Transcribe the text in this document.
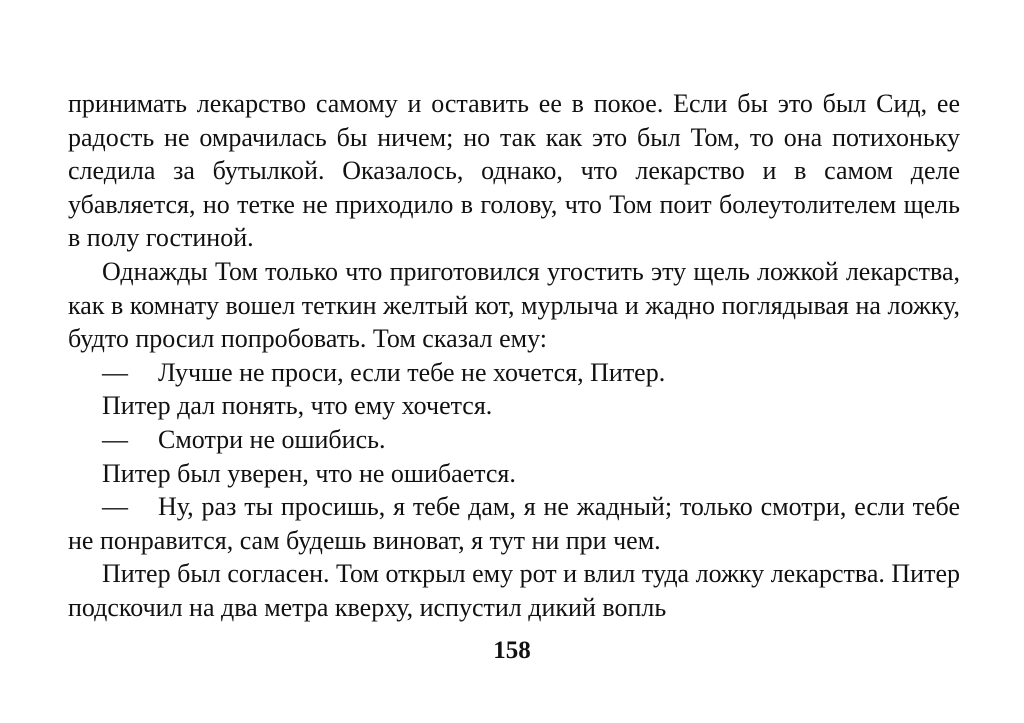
принимать лекарство самому и оставить ее в покое. Если бы это был Сид, ее радость не омрачилась бы ничем; но так как это был Том, то она потихоньку следила за бутылкой. Оказалось, однако, что лекарство и в самом деле убавляется, но тетке не приходило в голову, что Том поит болеутолителем щель в полу гостиной.

Однажды Том только что приготовился угостить эту щель ложкой лекарства, как в комнату вошел теткин желтый кот, мурлыча и жадно поглядывая на ложку, будто просил попробовать. Том сказал ему:

— Лучше не проси, если тебе не хочется, Питер.

Питер дал понять, что ему хочется.

— Смотри не ошибись.

Питер был уверен, что не ошибается.

— Ну, раз ты просишь, я тебе дам, я не жадный; только смотри, если тебе не понравится, сам будешь виноват, я тут ни при чем.

Питер был согласен. Том открыл ему рот и влил туда ложку лекарства. Питер подскочил на два метра кверху, испустил дикий вопль

158
